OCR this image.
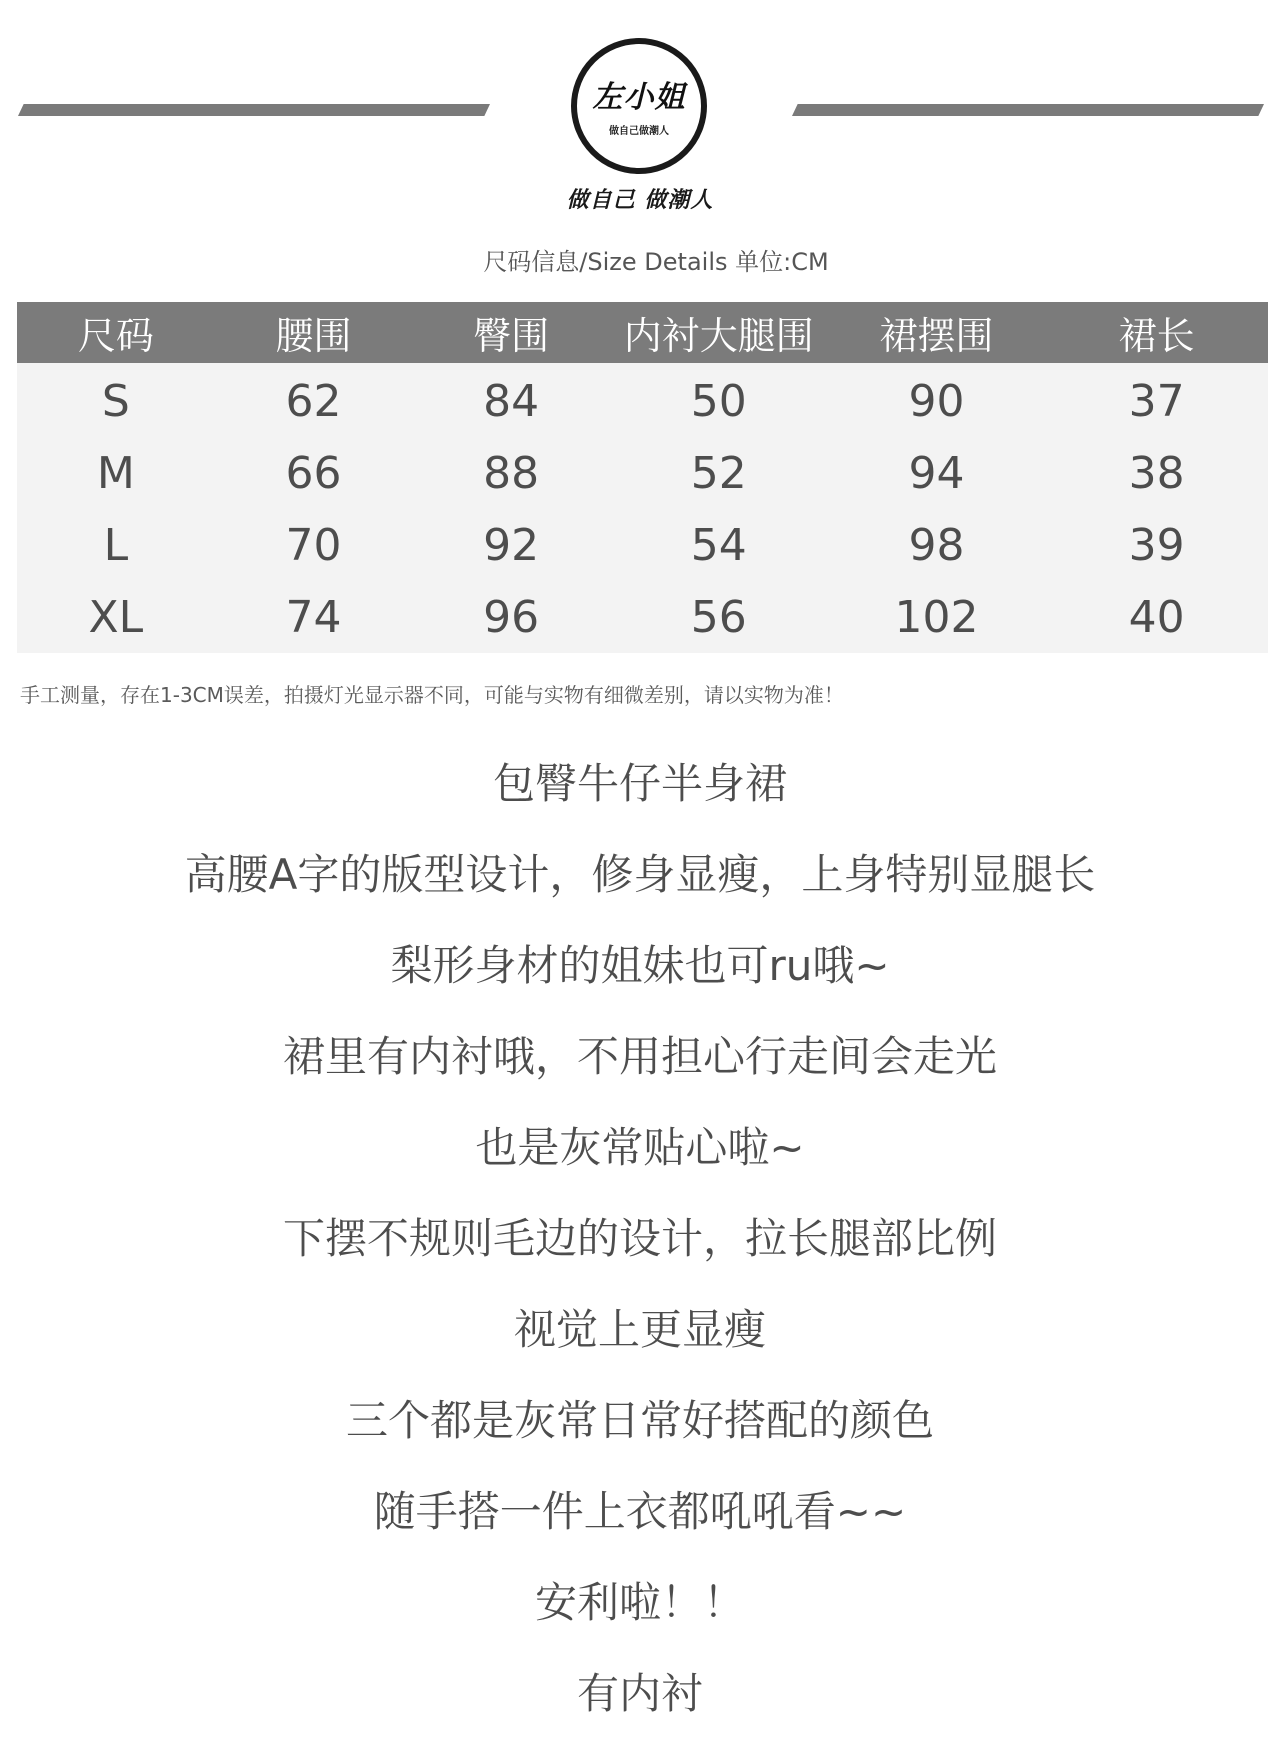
左小姐
做自己做潮人
做自己 做潮人
尺码信息/Size Details 单位:CM
尺码	腰围	臀围	内衬大腿围	裙摆围	裙长
S	62	84	50	90	37
M	66	88	52	94	38
L	70	92	54	98	39
XL	74	96	56	102	40
手工测量，存在1-3CM误差，拍摄灯光显示器不同，可能与实物有细微差别，请以实物为准！
包臀牛仔半身裙
高腰A字的版型设计，修身显瘦，上身特别显腿长
梨形身材的姐妹也可ru哦~
裙里有内衬哦，不用担心行走间会走光
也是灰常贴心啦~
下摆不规则毛边的设计，拉长腿部比例
视觉上更显瘦
三个都是灰常日常好搭配的颜色
随手搭一件上衣都吼吼看~~
安利啦！！
有内衬
